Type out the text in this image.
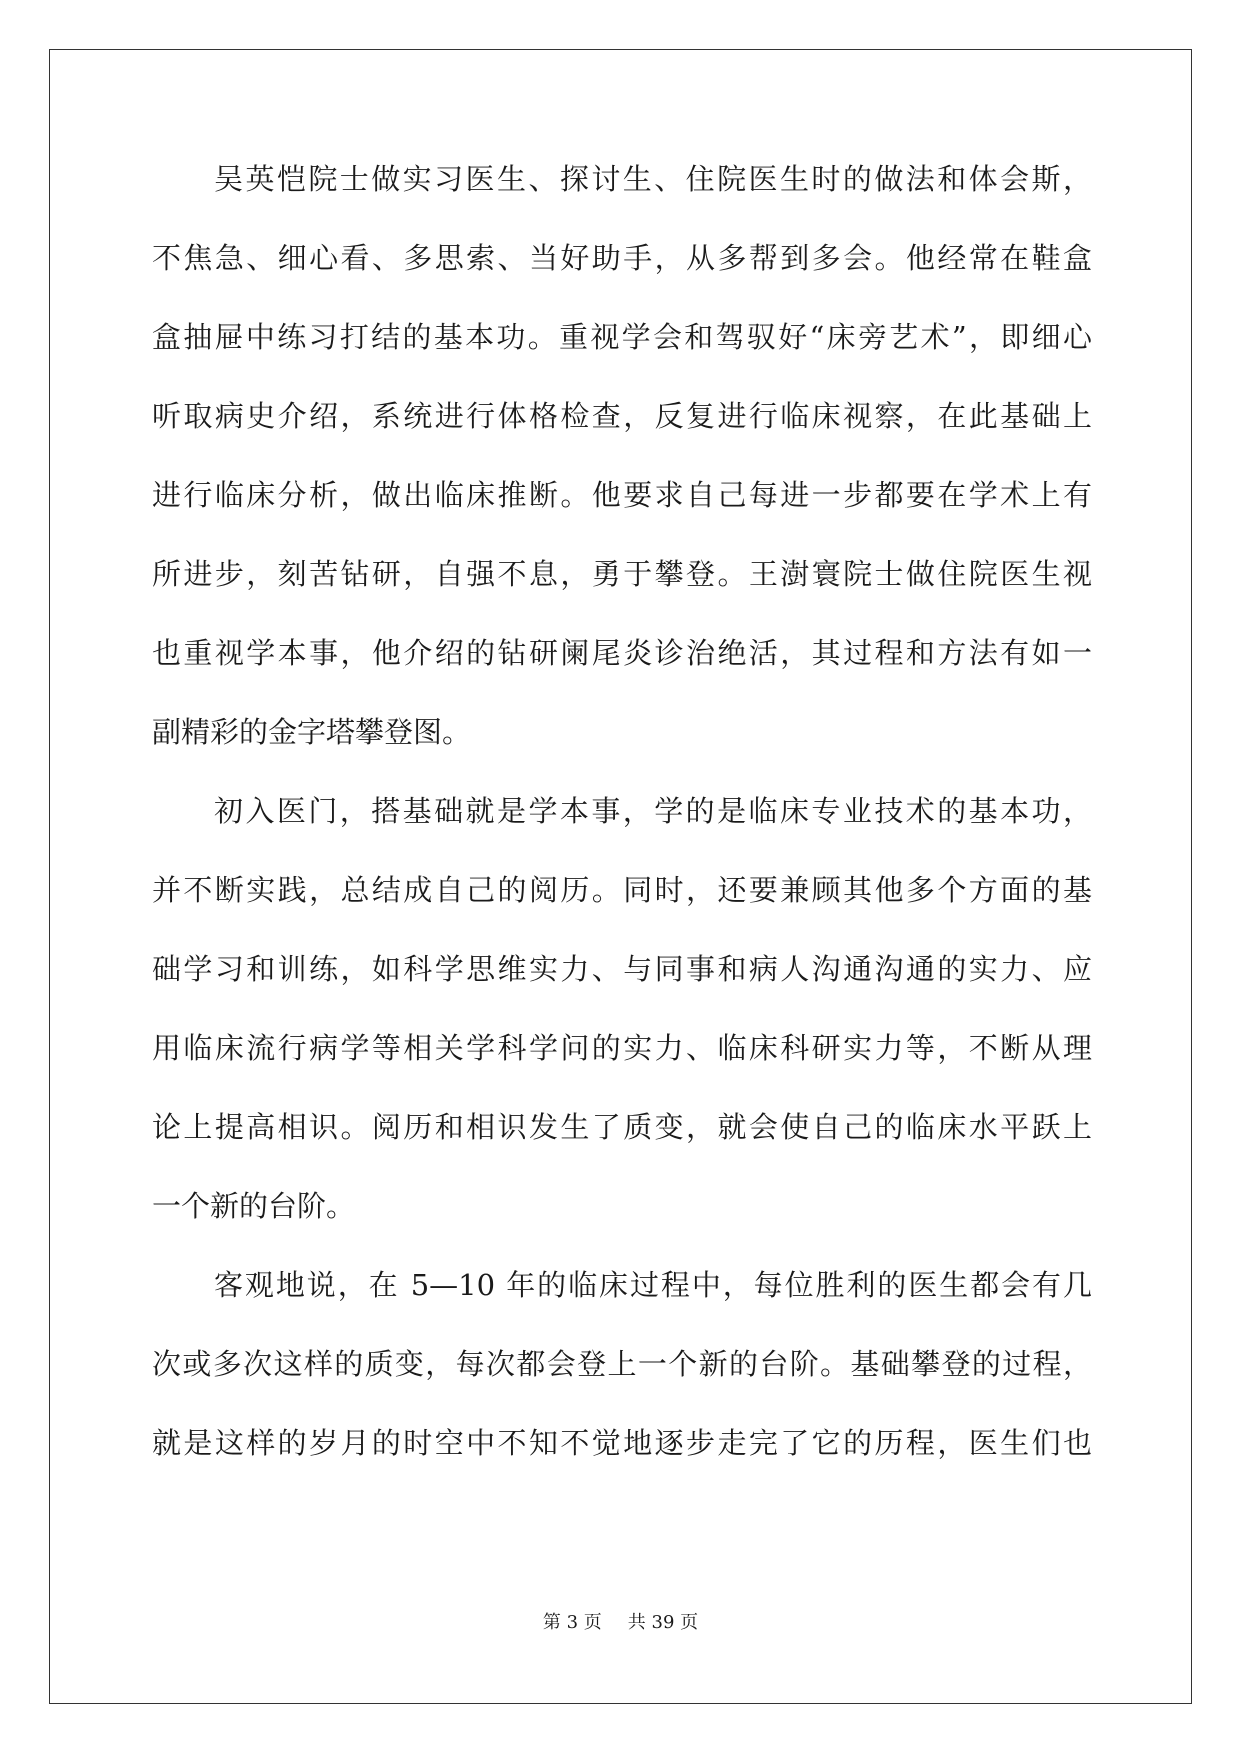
吴英恺院士做实习医生、探讨生、住院医生时的做法和体会斯，
不焦急、细心看、多思索、当好助手，从多帮到多会。他经常在鞋盒
盒抽屉中练习打结的基本功。重视学会和驾驭好“床旁艺术”，即细心
听取病史介绍，系统进行体格检查，反复进行临床视察，在此基础上
进行临床分析，做出临床推断。他要求自己每进一步都要在学术上有
所进步，刻苦钻研，自强不息，勇于攀登。王澍寰院士做住院医生视
也重视学本事，他介绍的钻研阑尾炎诊治绝活，其过程和方法有如一
副精彩的金字塔攀登图。
初入医门，搭基础就是学本事，学的是临床专业技术的基本功，
并不断实践，总结成自己的阅历。同时，还要兼顾其他多个方面的基
础学习和训练，如科学思维实力、与同事和病人沟通沟通的实力、应
用临床流行病学等相关学科学问的实力、临床科研实力等，不断从理
论上提高相识。阅历和相识发生了质变，就会使自己的临床水平跃上
一个新的台阶。
客观地说，在 5—10 年的临床过程中，每位胜利的医生都会有几
次或多次这样的质变，每次都会登上一个新的台阶。基础攀登的过程，
就是这样的岁月的时空中不知不觉地逐步走完了它的历程，医生们也
第 3 页 共 39 页
